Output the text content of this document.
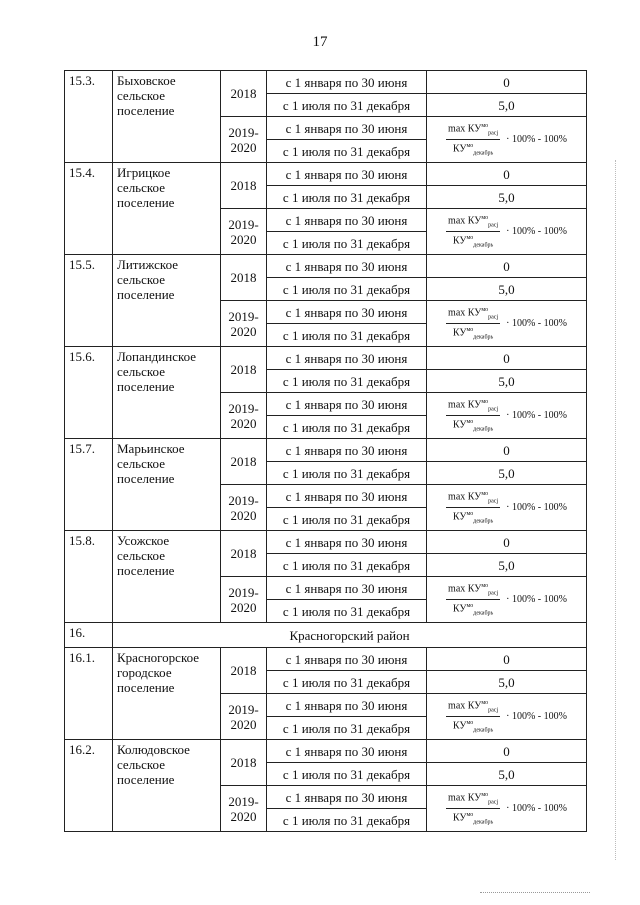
17
15.3.	Быховское сельское поселение	2018	с 1 января по 30 июня	0
			с 1 июля по 31 декабря	5,0
		2019-2020	с 1 января по 30 июня	$\frac{\max КУ^{мо}_{расj}}{КУ^{мо}_{декабрь}} \cdot 100\% - 100\%$

			с 1 июля по 31 декабря	
15.4.	Игрицкое сельское поселение	2018	с 1 января по 30 июня	0
			с 1 июля по 31 декабря	5,0
		2019-2020	с 1 января по 30 июня	$\frac{\max КУ^{мо}_{расj}}{КУ^{мо}_{декабрь}} \cdot 100\% - 100\%$

			с 1 июля по 31 декабря	
15.5.	Литижское сельское поселение	2018	с 1 января по 30 июня	0
			с 1 июля по 31 декабря	5,0
		2019-2020	с 1 января по 30 июня	$\frac{\max КУ^{мо}_{расj}}{КУ^{мо}_{декабрь}} \cdot 100\% - 100\%$

			с 1 июля по 31 декабря	
15.6.	Лопандинское сельское поселение	2018	с 1 января по 30 июня	0
			с 1 июля по 31 декабря	5,0
		2019-2020	с 1 января по 30 июня	$\frac{\max КУ^{мо}_{расj}}{КУ^{мо}_{декабрь}} \cdot 100\% - 100\%$

			с 1 июля по 31 декабря	
15.7.	Марьинское сельское поселение	2018	с 1 января по 30 июня	0
			с 1 июля по 31 декабря	5,0
		2019-2020	с 1 января по 30 июня	$\frac{\max КУ^{мо}_{расj}}{КУ^{мо}_{декабрь}} \cdot 100\% - 100\%$

			с 1 июля по 31 декабря	
15.8.	Усожское сельское поселение	2018	с 1 января по 30 июня	0
			с 1 июля по 31 декабря	5,0
		2019-2020	с 1 января по 30 июня	$\frac{\max КУ^{мо}_{расj}}{КУ^{мо}_{декабрь}} \cdot 100\% - 100\%$

			с 1 июля по 31 декабря	
16.	Красногорский район			
16.1.	Красногорское городское поселение	2018	с 1 января по 30 июня	0
			с 1 июля по 31 декабря	5,0
		2019-2020	с 1 января по 30 июня	$\frac{\max КУ^{мо}_{расj}}{КУ^{мо}_{декабрь}} \cdot 100\% - 100\%$

			с 1 июля по 31 декабря	
16.2.	Колюдовское сельское поселение	2018	с 1 января по 30 июня	0
			с 1 июля по 31 декабря	5,0
		2019-2020	с 1 января по 30 июня	$\frac{\max КУ^{мо}_{расj}}{КУ^{мо}_{декабрь}} \cdot 100\% - 100\%$

			с 1 июля по 31 декабря	
